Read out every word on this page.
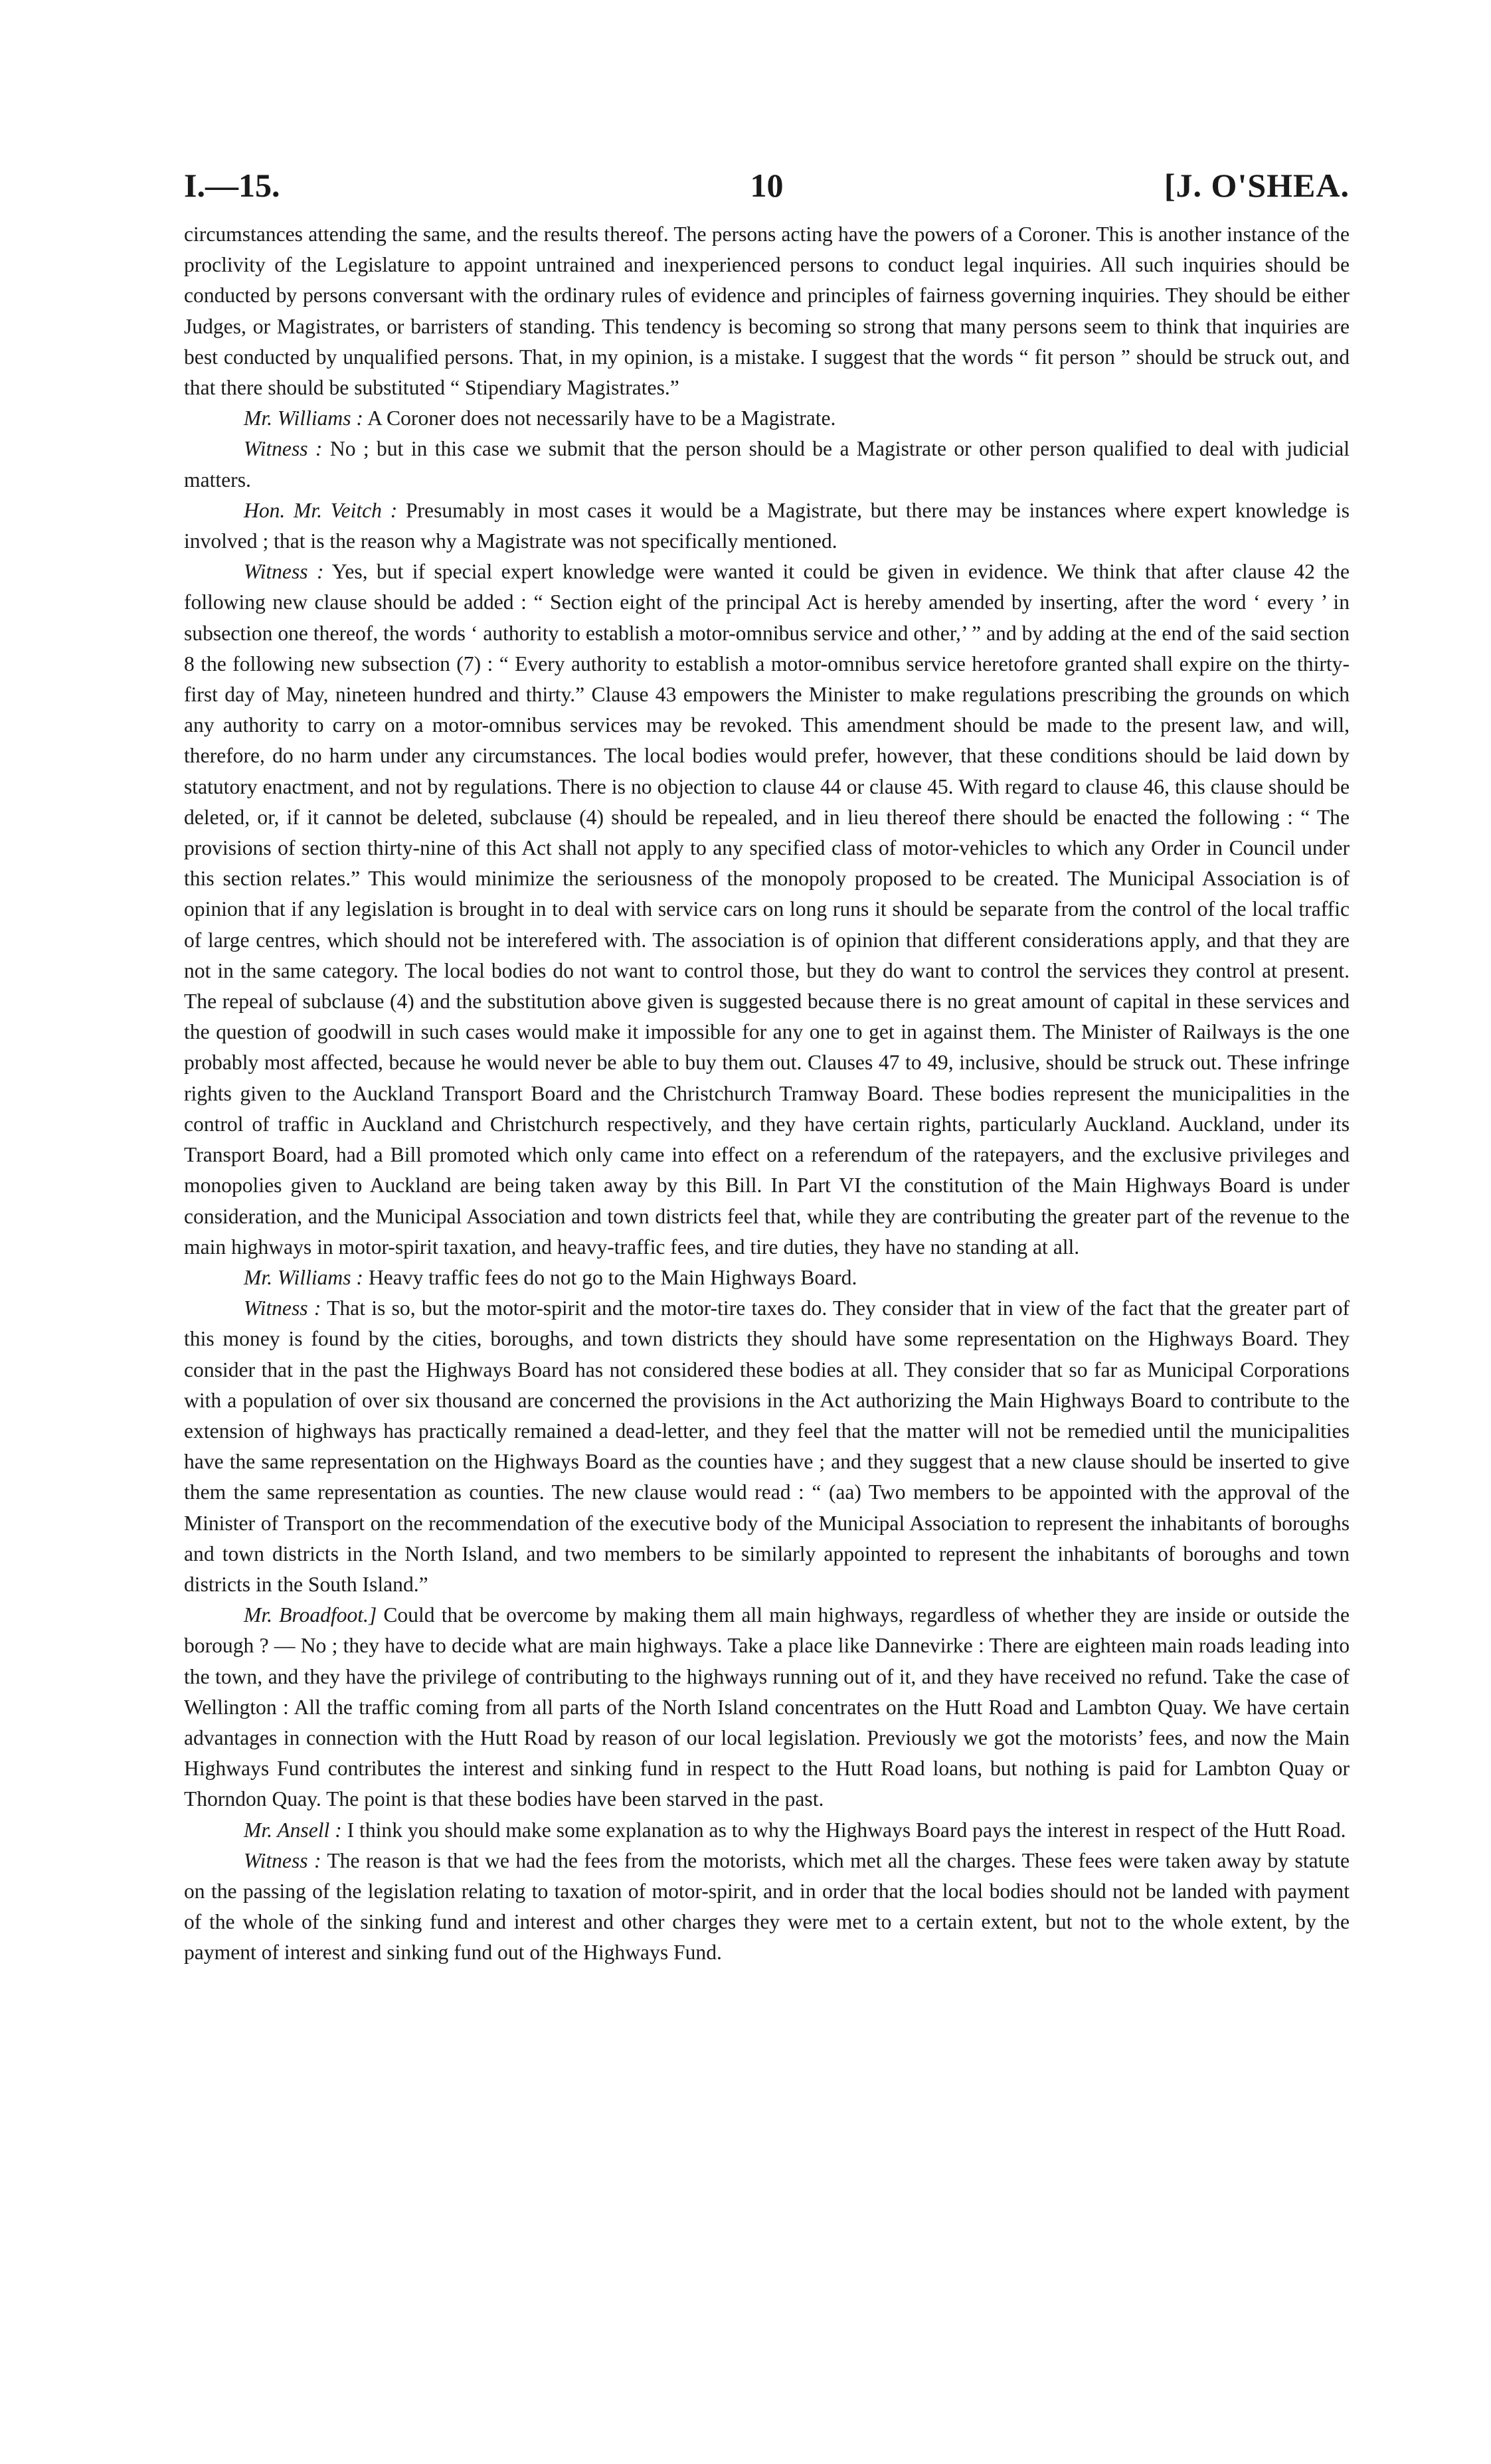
I.—15.	10	[J. O'SHEA.

circumstances attending the same, and the results thereof. The persons acting have the powers of a Coroner. This is another instance of the proclivity of the Legislature to appoint untrained and inexperienced persons to conduct legal inquiries. All such inquiries should be conducted by persons conversant with the ordinary rules of evidence and principles of fairness governing inquiries. They should be either Judges, or Magistrates, or barristers of standing. This tendency is becoming so strong that many persons seem to think that inquiries are best conducted by unqualified persons. That, in my opinion, is a mistake. I suggest that the words “ fit person ” should be struck out, and that there should be substituted “ Stipendiary Magistrates.”

Mr. Williams : A Coroner does not necessarily have to be a Magistrate.

Witness : No ; but in this case we submit that the person should be a Magistrate or other person qualified to deal with judicial matters.

Hon. Mr. Veitch : Presumably in most cases it would be a Magistrate, but there may be instances where expert knowledge is involved ; that is the reason why a Magistrate was not specifically mentioned.

Witness : Yes, but if special expert knowledge were wanted it could be given in evidence. We think that after clause 42 the following new clause should be added : “ Section eight of the principal Act is hereby amended by inserting, after the word ‘ every ’ in subsection one thereof, the words ‘ authority to establish a motor-omnibus service and other,’ ” and by adding at the end of the said section 8 the following new subsection (7) : “ Every authority to establish a motor-omnibus service heretofore granted shall expire on the thirty-first day of May, nineteen hundred and thirty.” Clause 43 empowers the Minister to make regulations prescribing the grounds on which any authority to carry on a motor-omnibus services may be revoked. This amendment should be made to the present law, and will, therefore, do no harm under any circumstances. The local bodies would prefer, however, that these conditions should be laid down by statutory enactment, and not by regulations. There is no objection to clause 44 or clause 45. With regard to clause 46, this clause should be deleted, or, if it cannot be deleted, subclause (4) should be repealed, and in lieu thereof there should be enacted the following : “ The provisions of section thirty-nine of this Act shall not apply to any specified class of motor-vehicles to which any Order in Council under this section relates.” This would minimize the seriousness of the monopoly proposed to be created. The Municipal Association is of opinion that if any legislation is brought in to deal with service cars on long runs it should be separate from the control of the local traffic of large centres, which should not be interefered with. The association is of opinion that different considerations apply, and that they are not in the same category. The local bodies do not want to control those, but they do want to control the services they control at present. The repeal of subclause (4) and the substitution above given is suggested because there is no great amount of capital in these services and the question of goodwill in such cases would make it impossible for any one to get in against them. The Minister of Railways is the one probably most affected, because he would never be able to buy them out. Clauses 47 to 49, inclusive, should be struck out. These infringe rights given to the Auckland Transport Board and the Christchurch Tramway Board. These bodies represent the municipalities in the control of traffic in Auckland and Christchurch respectively, and they have certain rights, particularly Auckland. Auckland, under its Transport Board, had a Bill promoted which only came into effect on a referendum of the ratepayers, and the exclusive privileges and monopolies given to Auckland are being taken away by this Bill. In Part VI the constitution of the Main Highways Board is under consideration, and the Municipal Association and town districts feel that, while they are contributing the greater part of the revenue to the main highways in motor-spirit taxation, and heavy-traffic fees, and tire duties, they have no standing at all.

Mr. Williams : Heavy traffic fees do not go to the Main Highways Board.

Witness : That is so, but the motor-spirit and the motor-tire taxes do. They consider that in view of the fact that the greater part of this money is found by the cities, boroughs, and town districts they should have some representation on the Highways Board. They consider that in the past the Highways Board has not considered these bodies at all. They consider that so far as Municipal Corporations with a population of over six thousand are concerned the provisions in the Act authorizing the Main Highways Board to contribute to the extension of highways has practically remained a dead-letter, and they feel that the matter will not be remedied until the municipalities have the same representation on the Highways Board as the counties have ; and they suggest that a new clause should be inserted to give them the same representation as counties. The new clause would read : “ (aa) Two members to be appointed with the approval of the Minister of Transport on the recommendation of the executive body of the Municipal Association to represent the inhabitants of boroughs and town districts in the North Island, and two members to be similarly appointed to represent the inhabitants of boroughs and town districts in the South Island.”

Mr. Broadfoot.] Could that be overcome by making them all main highways, regardless of whether they are inside or outside the borough ? — No ; they have to decide what are main highways. Take a place like Dannevirke : There are eighteen main roads leading into the town, and they have the privilege of contributing to the highways running out of it, and they have received no refund. Take the case of Wellington : All the traffic coming from all parts of the North Island concentrates on the Hutt Road and Lambton Quay. We have certain advantages in connection with the Hutt Road by reason of our local legislation. Previously we got the motorists’ fees, and now the Main Highways Fund contributes the interest and sinking fund in respect to the Hutt Road loans, but nothing is paid for Lambton Quay or Thorndon Quay. The point is that these bodies have been starved in the past.

Mr. Ansell : I think you should make some explanation as to why the Highways Board pays the interest in respect of the Hutt Road.

Witness : The reason is that we had the fees from the motorists, which met all the charges. These fees were taken away by statute on the passing of the legislation relating to taxation of motor-spirit, and in order that the local bodies should not be landed with payment of the whole of the sinking fund and interest and other charges they were met to a certain extent, but not to the whole extent, by the payment of interest and sinking fund out of the Highways Fund.
